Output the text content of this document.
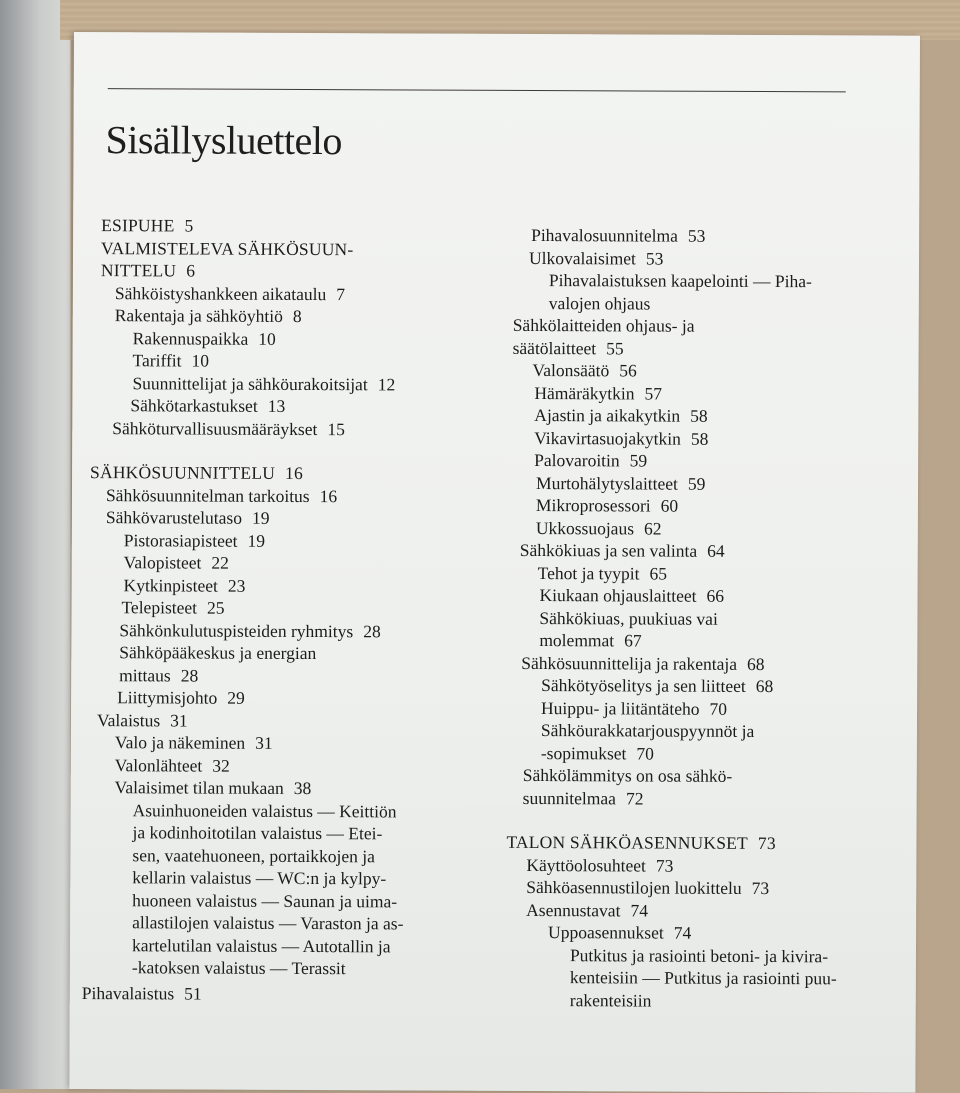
Sisällysluettelo
ESIPUHE 5
VALMISTELEVA SÄHKÖSUUN-
NITTELU 6
Sähköistyshankkeen aikataulu 7
Rakentaja ja sähköyhtiö 8
Rakennuspaikka 10
Tariffit 10
Suunnittelijat ja sähköurakoitsijat 12
Sähkötarkastukset 13
Sähköturvallisuusmääräykset 15
SÄHKÖSUUNNITTELU 16
Sähkösuunnitelman tarkoitus 16
Sähkövarustelutaso 19
Pistorasiapisteet 19
Valopisteet 22
Kytkinpisteet 23
Telepisteet 25
Sähkönkulutuspisteiden ryhmitys 28
Sähköpääkeskus ja energian
mittaus 28
Liittymisjohto 29
Valaistus 31
Valo ja näkeminen 31
Valonlähteet 32
Valaisimet tilan mukaan 38
Asuinhuoneiden valaistus — Keittiön
ja kodinhoitotilan valaistus — Etei-
sen, vaatehuoneen, portaikkojen ja
kellarin valaistus — WC:n ja kylpy-
huoneen valaistus — Saunan ja uima-
allastilojen valaistus — Varaston ja as-
kartelutilan valaistus — Autotallin ja
-katoksen valaistus — Terassit
Pihavalaistus 51
Pihavalosuunnitelma 53
Ulkovalaisimet 53
Pihavalaistuksen kaapelointi — Piha-
valojen ohjaus
Sähkölaitteiden ohjaus- ja
säätölaitteet 55
Valonsäätö 56
Hämäräkytkin 57
Ajastin ja aikakytkin 58
Vikavirtasuojakytkin 58
Palovaroitin 59
Murtohälytyslaitteet 59
Mikroprosessori 60
Ukkossuojaus 62
Sähkökiuas ja sen valinta 64
Tehot ja tyypit 65
Kiukaan ohjauslaitteet 66
Sähkökiuas, puukiuas vai
molemmat 67
Sähkösuunnittelija ja rakentaja 68
Sähkötyöselitys ja sen liitteet 68
Huippu- ja liitäntäteho 70
Sähköurakkatarjouspyynnöt ja
-sopimukset 70
Sähkölämmitys on osa sähkö-
suunnitelmaa 72
TALON SÄHKÖASENNUKSET 73
Käyttöolosuhteet 73
Sähköasennustilojen luokittelu 73
Asennustavat 74
Uppoasennukset 74
Putkitus ja rasiointi betoni- ja kivira-
kenteisiin — Putkitus ja rasiointi puu-
rakenteisiin
